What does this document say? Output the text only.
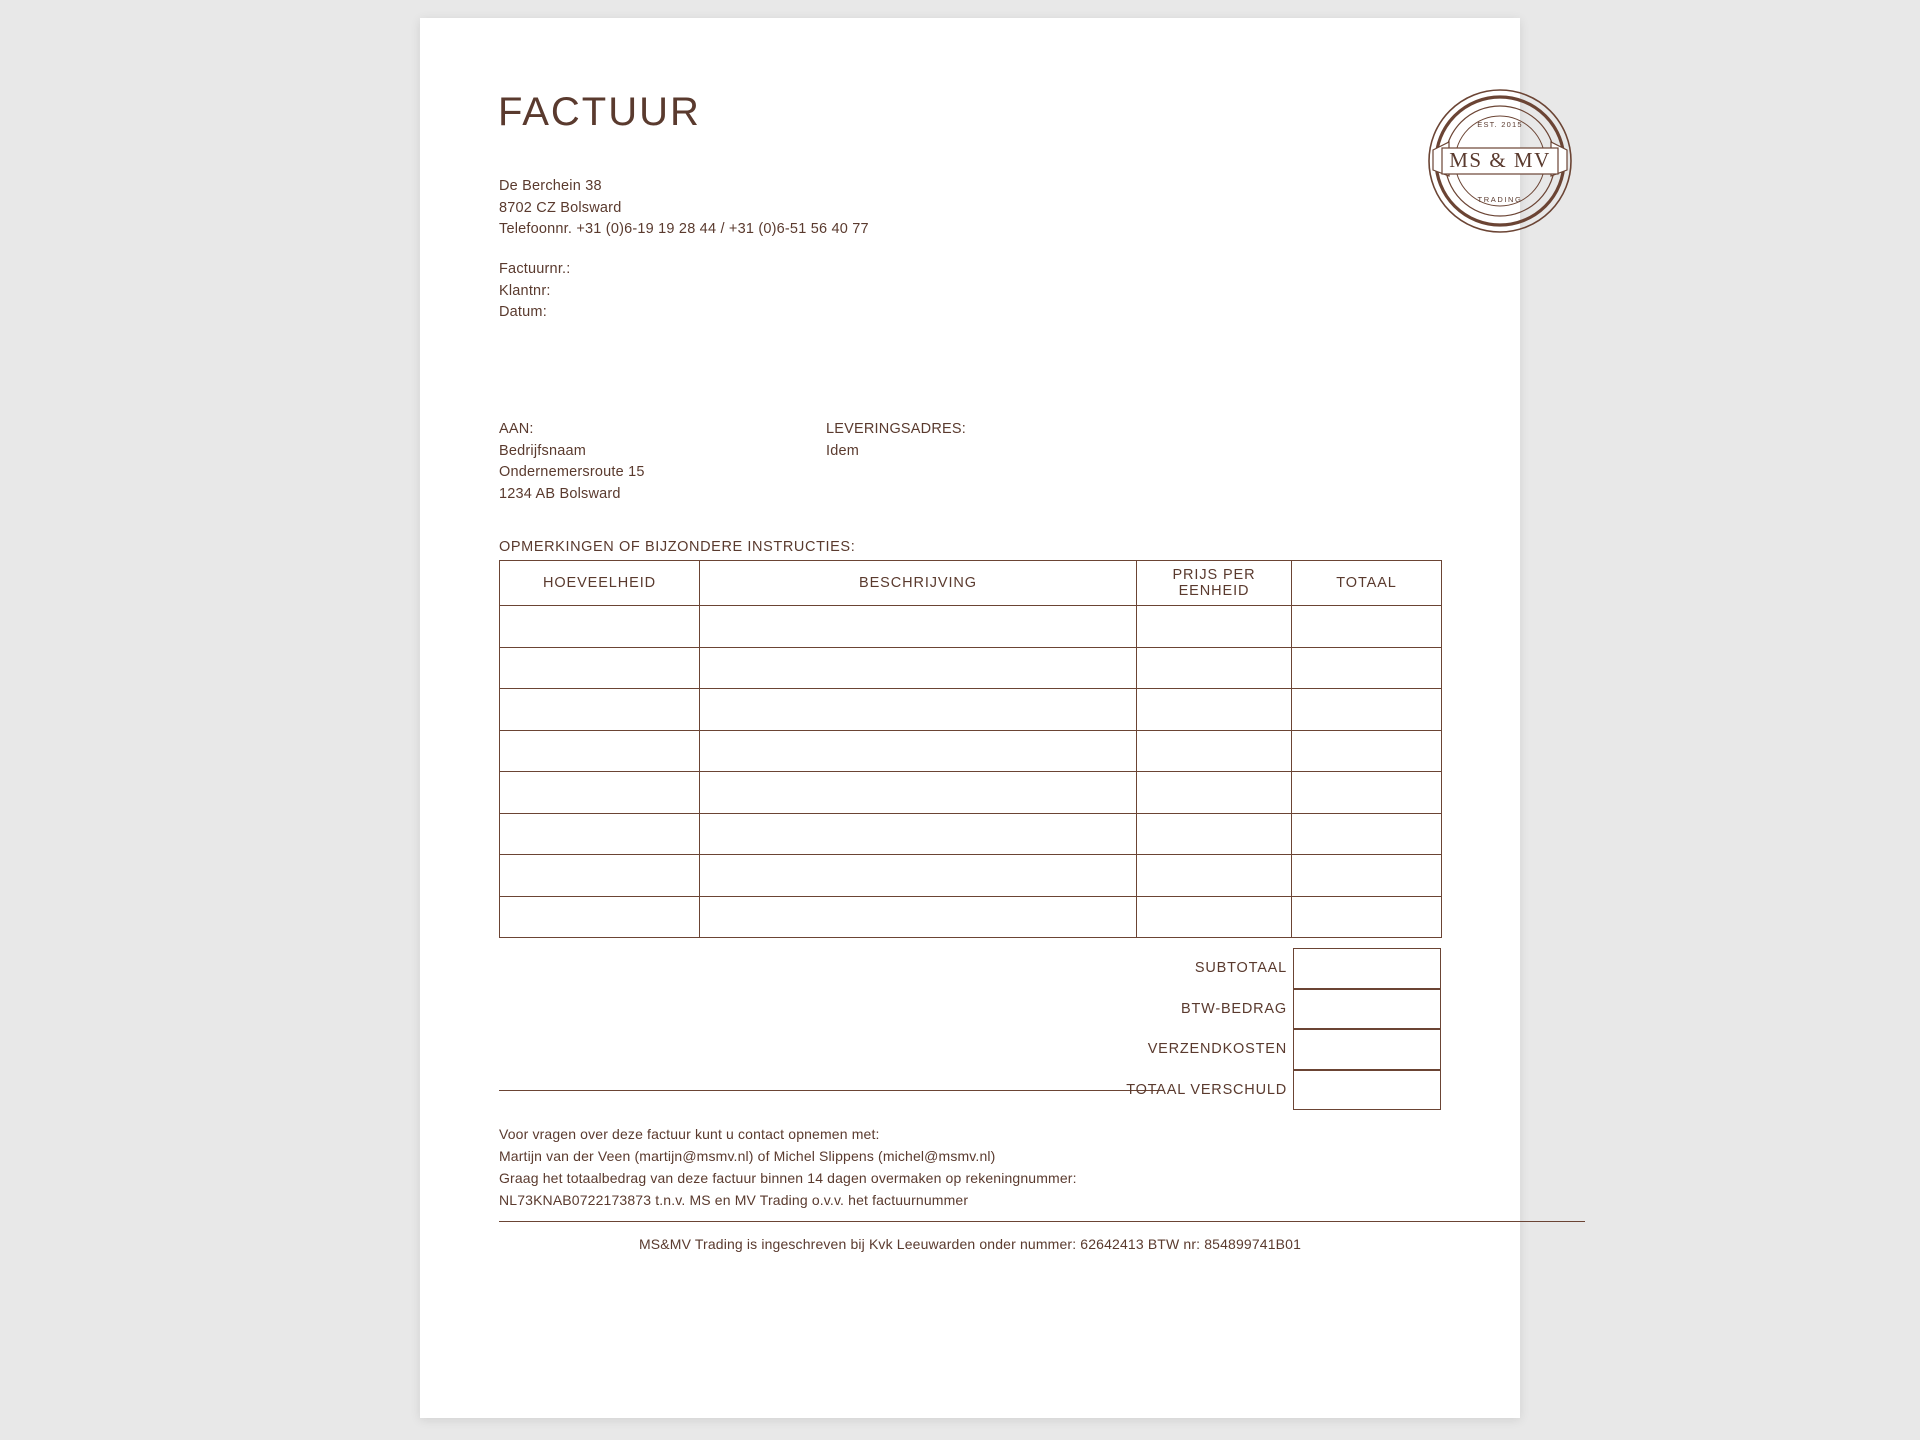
FACTUUR
De Berchein 38
8702 CZ Bolsward
Telefoonnr. +31 (0)6-19 19 28 44 / +31 (0)6-51 56 40 77
Factuurnr.:
Klantnr:
Datum:
MS & MV
EST. 2015
TRADING
AAN:
Bedrijfsnaam
Ondernemersroute 15
1234 AB Bolsward
LEVERINGSADRES:
Idem
OPMERKINGEN OF BIJZONDERE INSTRUCTIES:
HOEVEELHEID	BESCHRIJVING	PRIJS PER EENHEID	TOTAAL

SUBTOTAAL
BTW-BEDRAG
VERZENDKOSTEN
TOTAAL VERSCHULD
Voor vragen over deze factuur kunt u contact opnemen met:
Martijn van der Veen (martijn@msmv.nl) of Michel Slippens (michel@msmv.nl)
Graag het totaalbedrag van deze factuur binnen 14 dagen overmaken op rekeningnummer:
NL73KNAB0722173873 t.n.v. MS en MV Trading o.v.v. het factuurnummer
MS&MV Trading is ingeschreven bij Kvk Leeuwarden onder nummer: 62642413 BTW nr: 854899741B01
